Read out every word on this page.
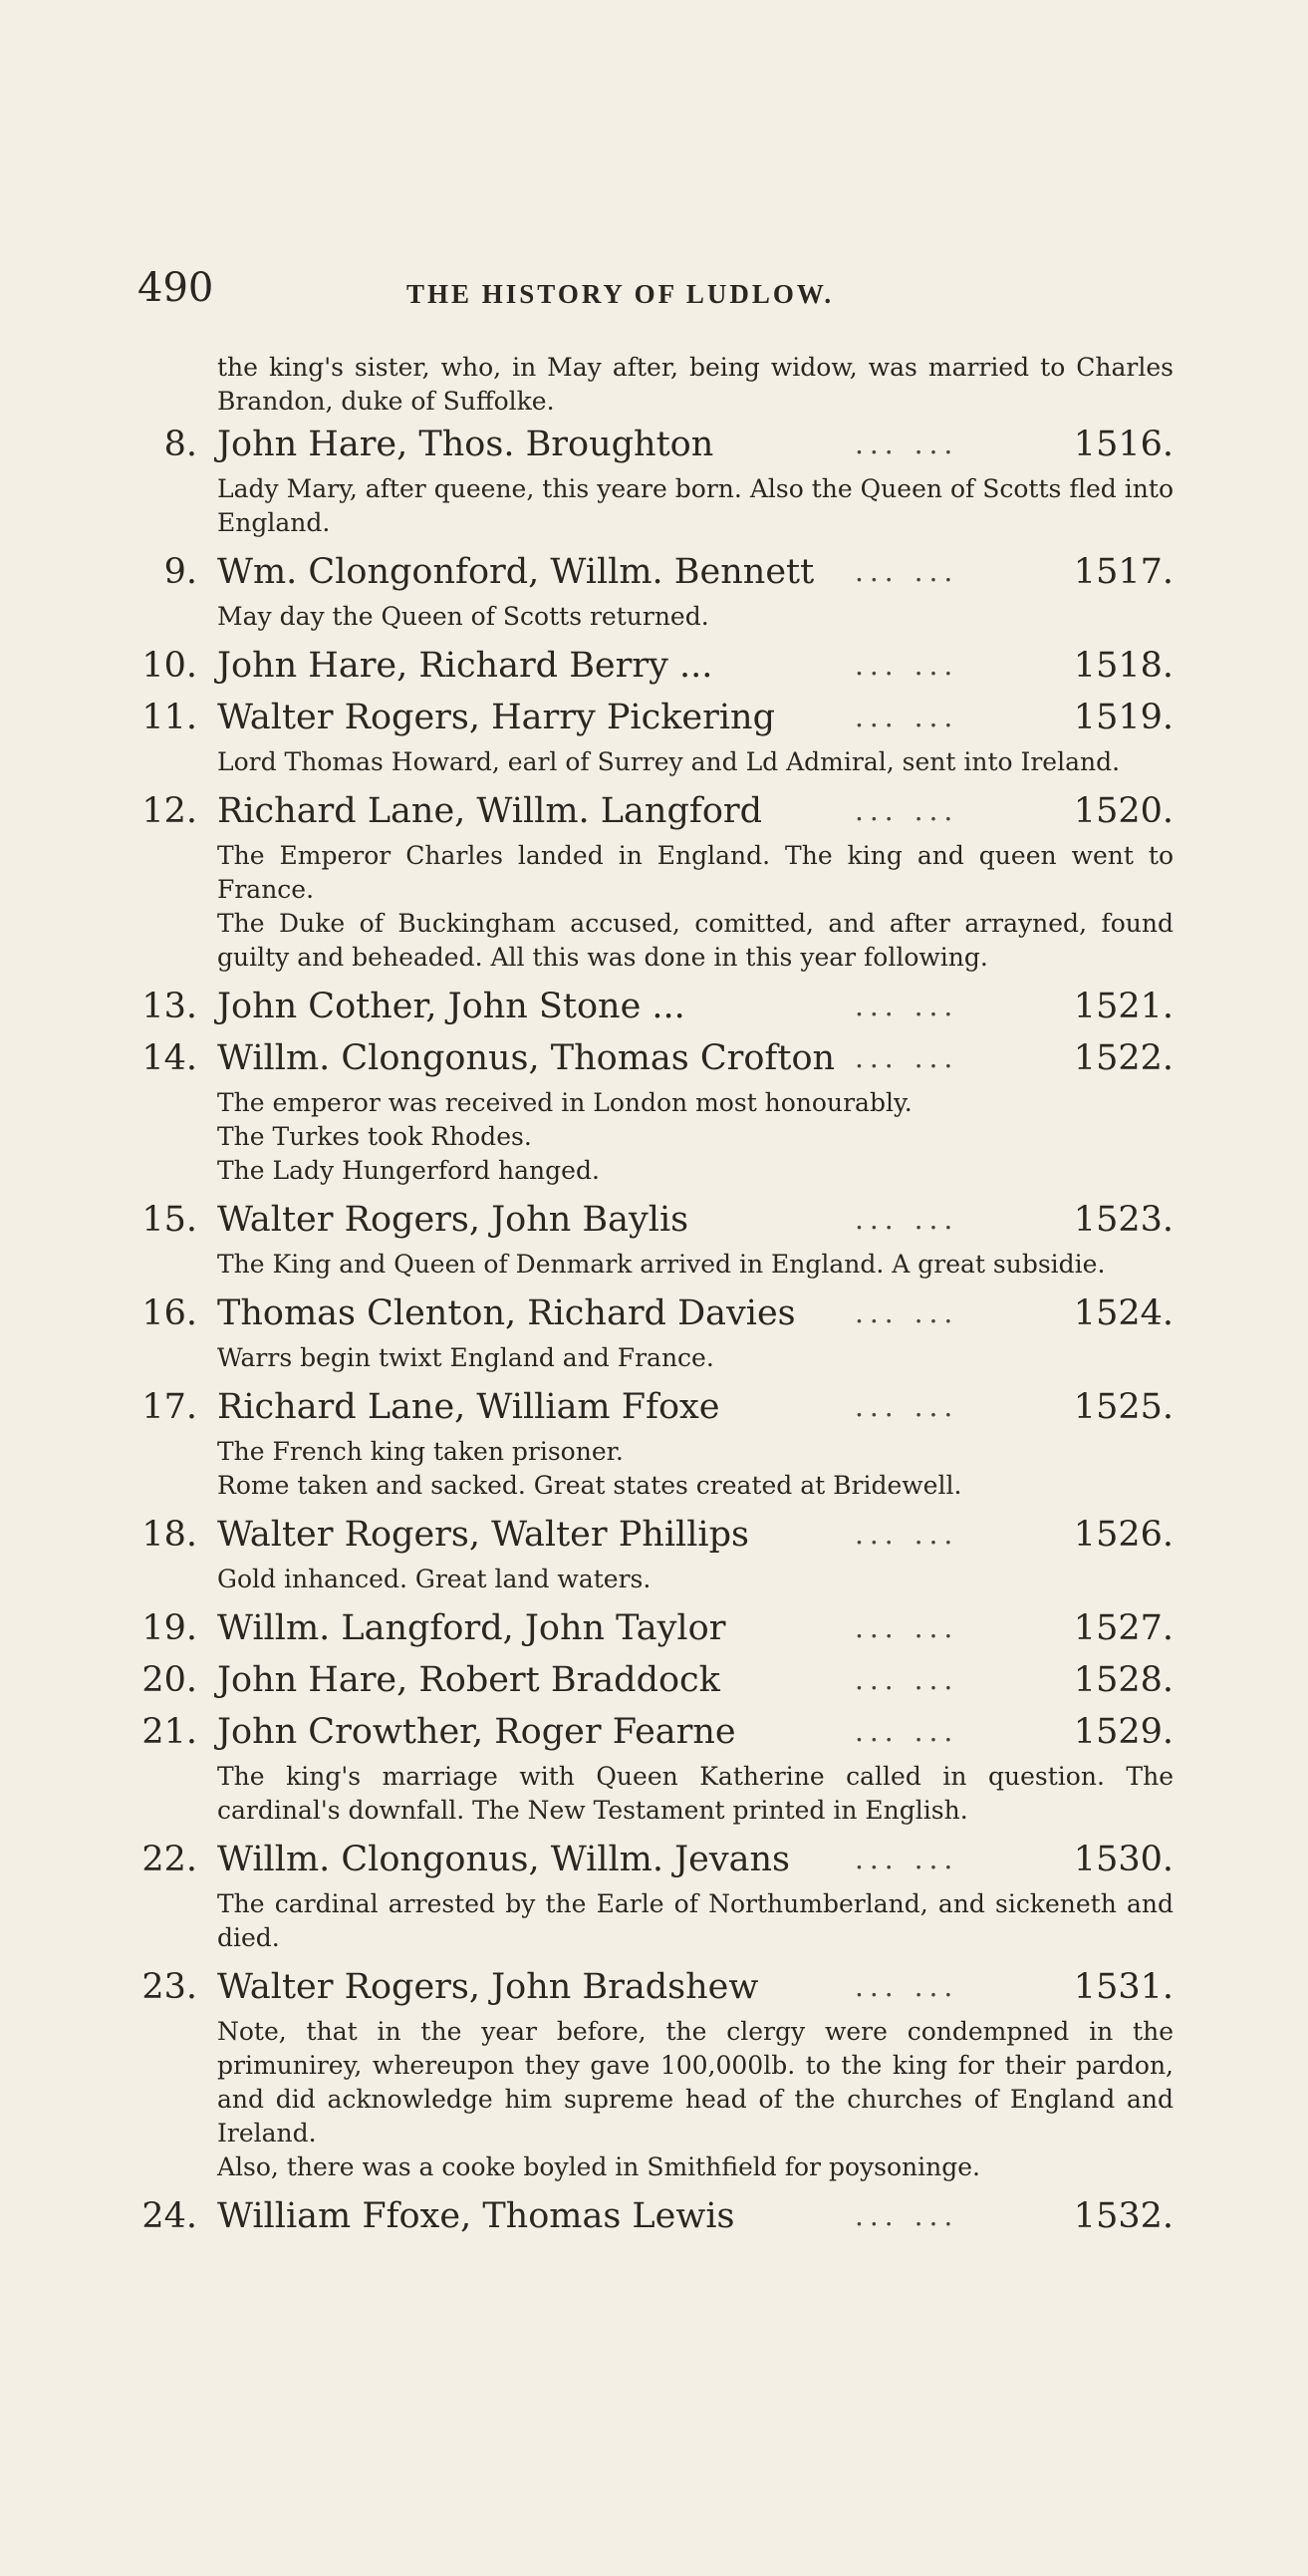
490	THE HISTORY OF LUDLOW.

the king's sister, who, in May after, being widow, was married to Charles Brandon, duke of Suffolke.

8. John Hare, Thos. Broughton	... ...	1516.

Lady Mary, after queene, this yeare born. Also the Queen of Scotts fled into England.

9. Wm. Clongonford, Willm. Bennett ... ...	1517.

May day the Queen of Scotts returned.

10. John Hare, Richard Berry ...	... ...	1518.
11. Walter Rogers, Harry Pickering	... ...	1519.

Lord Thomas Howard, earl of Surrey and Ld Admiral, sent into Ireland.

12. Richard Lane, Willm. Langford	... ...	1520.

The Emperor Charles landed in England. The king and queen went to France.

The Duke of Buckingham accused, comitted, and after arrayned, found guilty and beheaded. All this was done in this year following.

13. John Cother, John Stone ...	... ...	1521.
14. Willm. Clongonus, Thomas Crofton ... ...	1522.

The emperor was received in London most honourably.

The Turkes took Rhodes.

The Lady Hungerford hanged.

15. Walter Rogers, John Baylis	... ...	1523.

The King and Queen of Denmark arrived in England. A great subsidie.

16. Thomas Clenton, Richard Davies ... ...	1524.

Warrs begin twixt England and France.

17. Richard Lane, William Ffoxe	... ...	1525.

The French king taken prisoner.

Rome taken and sacked. Great states created at Bridewell.

18. Walter Rogers, Walter Phillips	... ...	1526.

Gold inhanced. Great land waters.

19. Willm. Langford, John Taylor	... ...	1527.
20. John Hare, Robert Braddock	... ...	1528.
21. John Crowther, Roger Fearne	... ...	1529.

The king's marriage with Queen Katherine called in question. The cardinal's downfall. The New Testament printed in English.

22. Willm. Clongonus, Willm. Jevans ... ...	1530.

The cardinal arrested by the Earle of Northumberland, and sickeneth and died.

23. Walter Rogers, John Bradshew	... ...	1531.

Note, that in the year before, the clergy were condempned in the primunirey, whereupon they gave 100,000lb. to the king for their pardon, and did acknowledge him supreme head of the churches of England and Ireland.

Also, there was a cooke boyled in Smithfield for poysoninge.

24. William Ffoxe, Thomas Lewis	... ...	1532.
